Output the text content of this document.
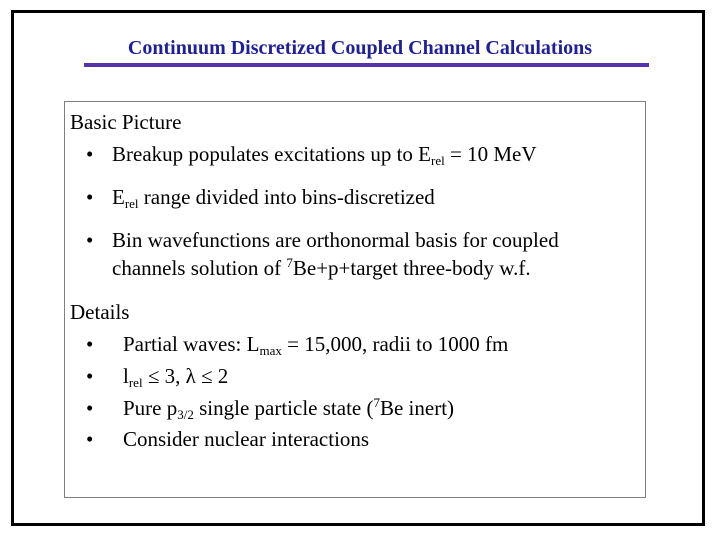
Continuum Discretized Coupled Channel Calculations

Basic Picture

• Breakup populates excitations up to $E_{rel} = 10$ MeV

• $E_{rel}$ range divided into bins-discretized

• Bin wavefunctions are orthonormal basis for coupled

channels solution of $^7$Be+p+target three-body w.f.

Details

• Partial waves: $L_{max} = 15,000$, radii to 1000 fm

• $l_{rel} \le 3$, λ ≤ 2

• Pure $p_{3/2}$ single particle state ($^7$Be inert)

• Consider nuclear interactions
